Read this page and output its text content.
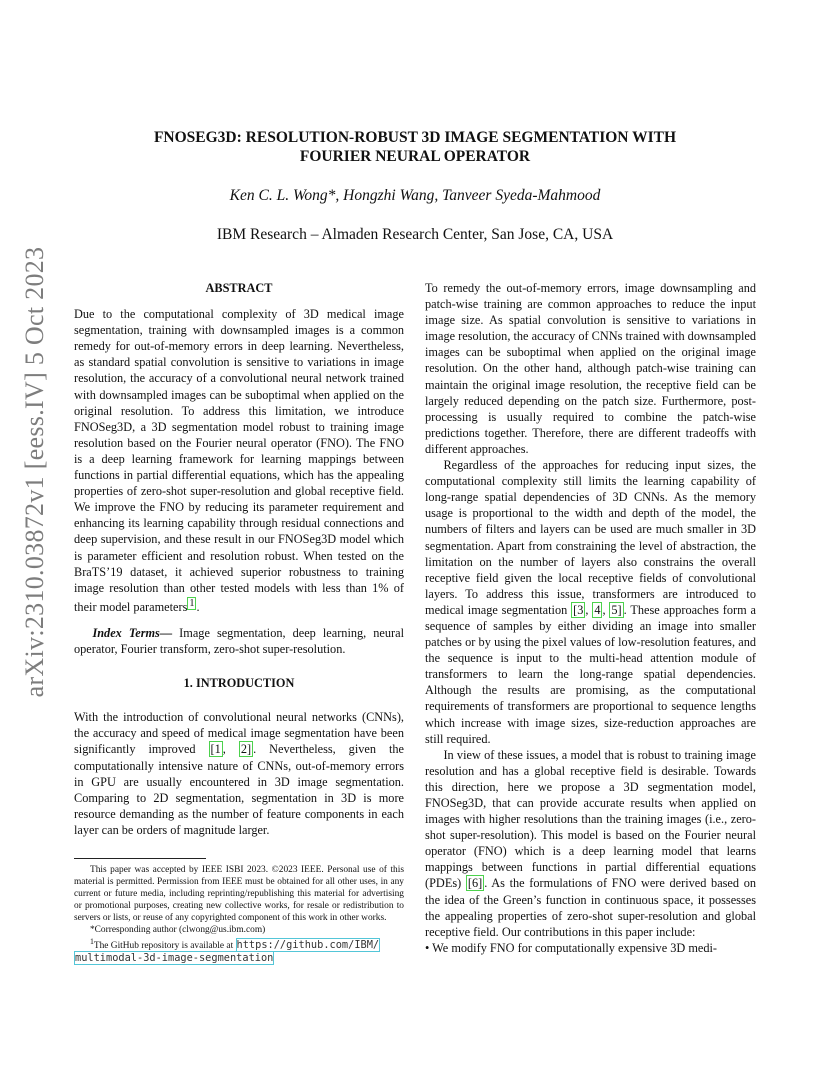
arXiv:2310.03872v1 [eess.IV] 5 Oct 2023
FNOSEG3D: RESOLUTION-ROBUST 3D IMAGE SEGMENTATION WITH
FOURIER NEURAL OPERATOR
Ken C. L. Wong*, Hongzhi Wang, Tanveer Syeda-Mahmood
IBM Research – Almaden Research Center, San Jose, CA, USA
ABSTRACT

Due to the computational complexity of 3D medical image segmentation, training with downsampled images is a common remedy for out-of-memory errors in deep learning. Nevertheless, as standard spatial convolution is sensitive to variations in image resolution, the accuracy of a convolutional neural network trained with downsampled images can be suboptimal when applied on the original resolution. To address this limitation, we introduce FNOSeg3D, a 3D segmentation model robust to training image resolution based on the Fourier neural operator (FNO). The FNO is a deep learning framework for learning mappings between functions in partial differential equations, which has the appealing properties of zero-shot super-resolution and global receptive field. We improve the FNO by reducing its parameter requirement and enhancing its learning capability through residual connections and deep supervision, and these result in our FNOSeg3D model which is parameter efficient and resolution robust. When tested on the BraTS’19 dataset, it achieved superior robustness to training image resolution than other tested models with less than 1% of their model parameters $^1$ .

Index Terms— Image segmentation, deep learning, neural operator, Fourier transform, zero-shot super-resolution.

1. INTRODUCTION

With the introduction of convolutional neural networks (CNNs), the accuracy and speed of medical image segmentation have been significantly improved [1 , 2] . Nevertheless, given the computationally intensive nature of CNNs, out-of-memory errors in GPU are usually encountered in 3D image segmentation. Comparing to 2D segmentation, segmentation in 3D is more resource demanding as the number of feature components in each layer can be orders of magnitude larger.

This paper was accepted by IEEE ISBI 2023. ©2023 IEEE. Personal use of this material is permitted. Permission from IEEE must be obtained for all other uses, in any current or future media, including reprinting/republishing this material for advertising or promotional purposes, creating new collective works, for resale or redistribution to servers or lists, or reuse of any copyrighted component of this work in other works.

*Corresponding author (clwong@us.ibm.com)

$^1$The GitHub repository is available at https://github.com/IBM/
multimodal-3d-image-segmentation

To remedy the out-of-memory errors, image downsampling and patch-wise training are common approaches to reduce the input image size. As spatial convolution is sensitive to variations in image resolution, the accuracy of CNNs trained with downsampled images can be suboptimal when applied on the original image resolution. On the other hand, although patch-wise training can maintain the original image resolution, the receptive field can be largely reduced depending on the patch size. Furthermore, post-processing is usually required to combine the patch-wise predictions together. Therefore, there are different tradeoffs with different approaches.

Regardless of the approaches for reducing input sizes, the computational complexity still limits the learning capability of long-range spatial dependencies of 3D CNNs. As the memory usage is proportional to the width and depth of the model, the numbers of filters and layers can be used are much smaller in 3D segmentation. Apart from constraining the level of abstraction, the limitation on the number of layers also constrains the overall receptive field given the local receptive fields of convolutional layers. To address this issue, transformers are introduced to medical image segmentation [3 , 4 , 5] . These approaches form a sequence of samples by either dividing an image into smaller patches or by using the pixel values of low-resolution features, and the sequence is input to the multi-head attention module of transformers to learn the long-range spatial dependencies. Although the results are promising, as the computational requirements of transformers are proportional to sequence lengths which increase with image sizes, size-reduction approaches are still required.

In view of these issues, a model that is robust to training image resolution and has a global receptive field is desirable. Towards this direction, here we propose a 3D segmentation model, FNOSeg3D, that can provide accurate results when applied on images with higher resolutions than the training images (i.e., zero-shot super-resolution). This model is based on the Fourier neural operator (FNO) which is a deep learning model that learns mappings between functions in partial differential equations (PDEs) [6] . As the formulations of FNO were derived based on the idea of the Green’s function in continuous space, it possesses the appealing properties of zero-shot super-resolution and global receptive field. Our contributions in this paper include:

• We modify FNO for computationally expensive 3D medi-
